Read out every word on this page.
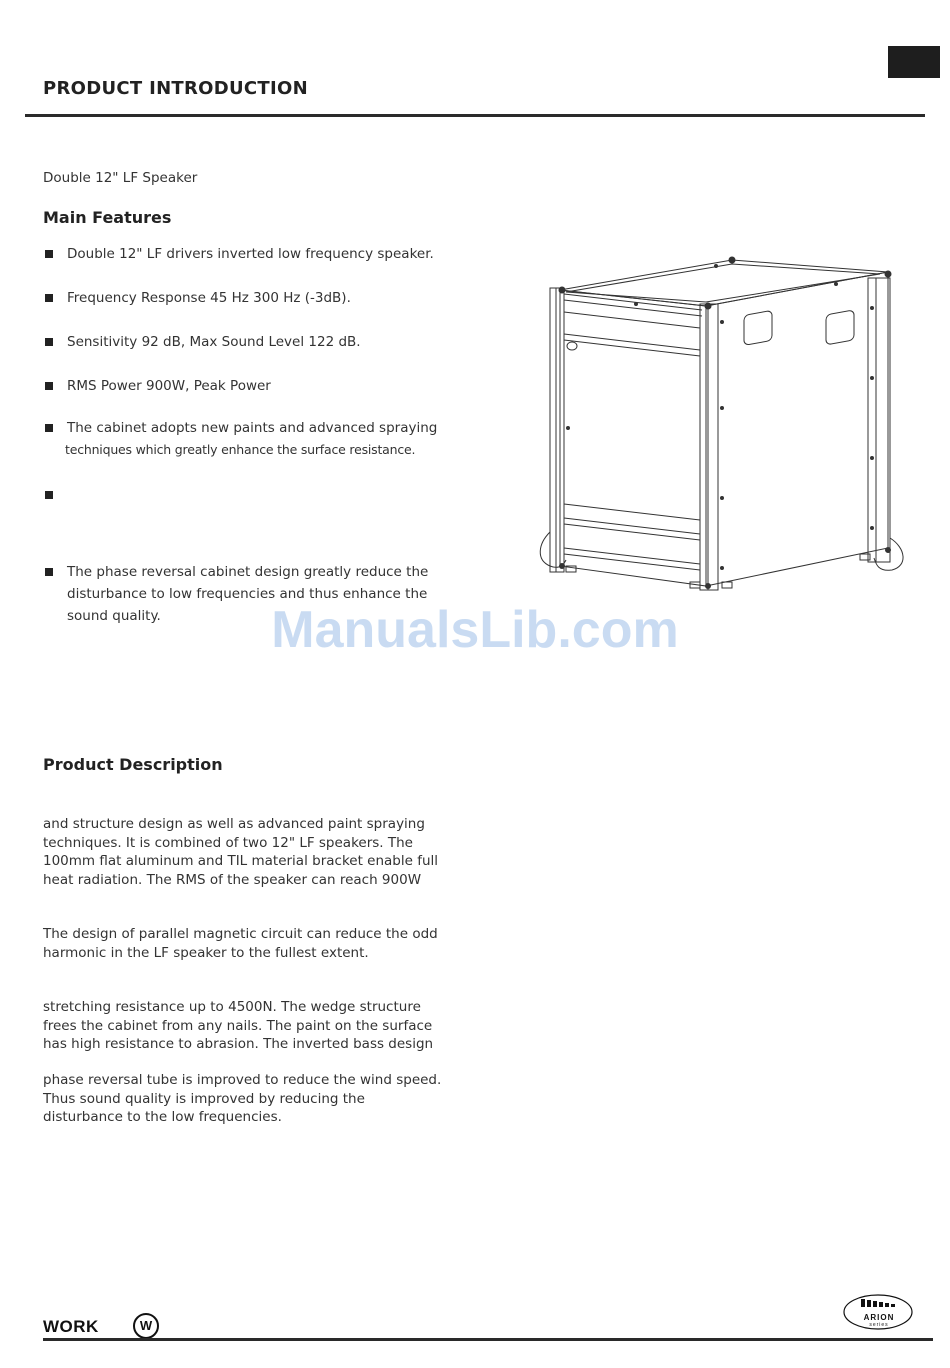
PRODUCT INTRODUCTION
Double 12" LF Speaker
Main Features
Double 12" LF drivers inverted low frequency speaker.
Frequency Response 45 Hz 300 Hz (-3dB).
Sensitivity 92 dB, Max Sound Level 122 dB.
RMS Power 900W, Peak Power
The cabinet adopts new paints and advanced spraying
techniques which greatly enhance the surface resistance.
The phase reversal cabinet design greatly reduce the disturbance to low frequencies and thus enhance the sound quality.	ManualsLib.com
Product Description
and structure design as well as advanced paint spraying techniques. It is combined of two 12" LF speakers. The 100mm flat aluminum and TIL material bracket enable full heat radiation. The RMS of the speaker can reach 900W
The design of parallel magnetic circuit can reduce the odd harmonic in the LF speaker to the fullest extent.
stretching resistance up to 4500N. The wedge structure frees the cabinet from any nails. The paint on the surface has high resistance to abrasion. The inverted bass design
phase reversal tube is improved to reduce the wind speed. Thus sound quality is improved by reducing the disturbance to the low frequencies.
WORK	W
ARION
series
